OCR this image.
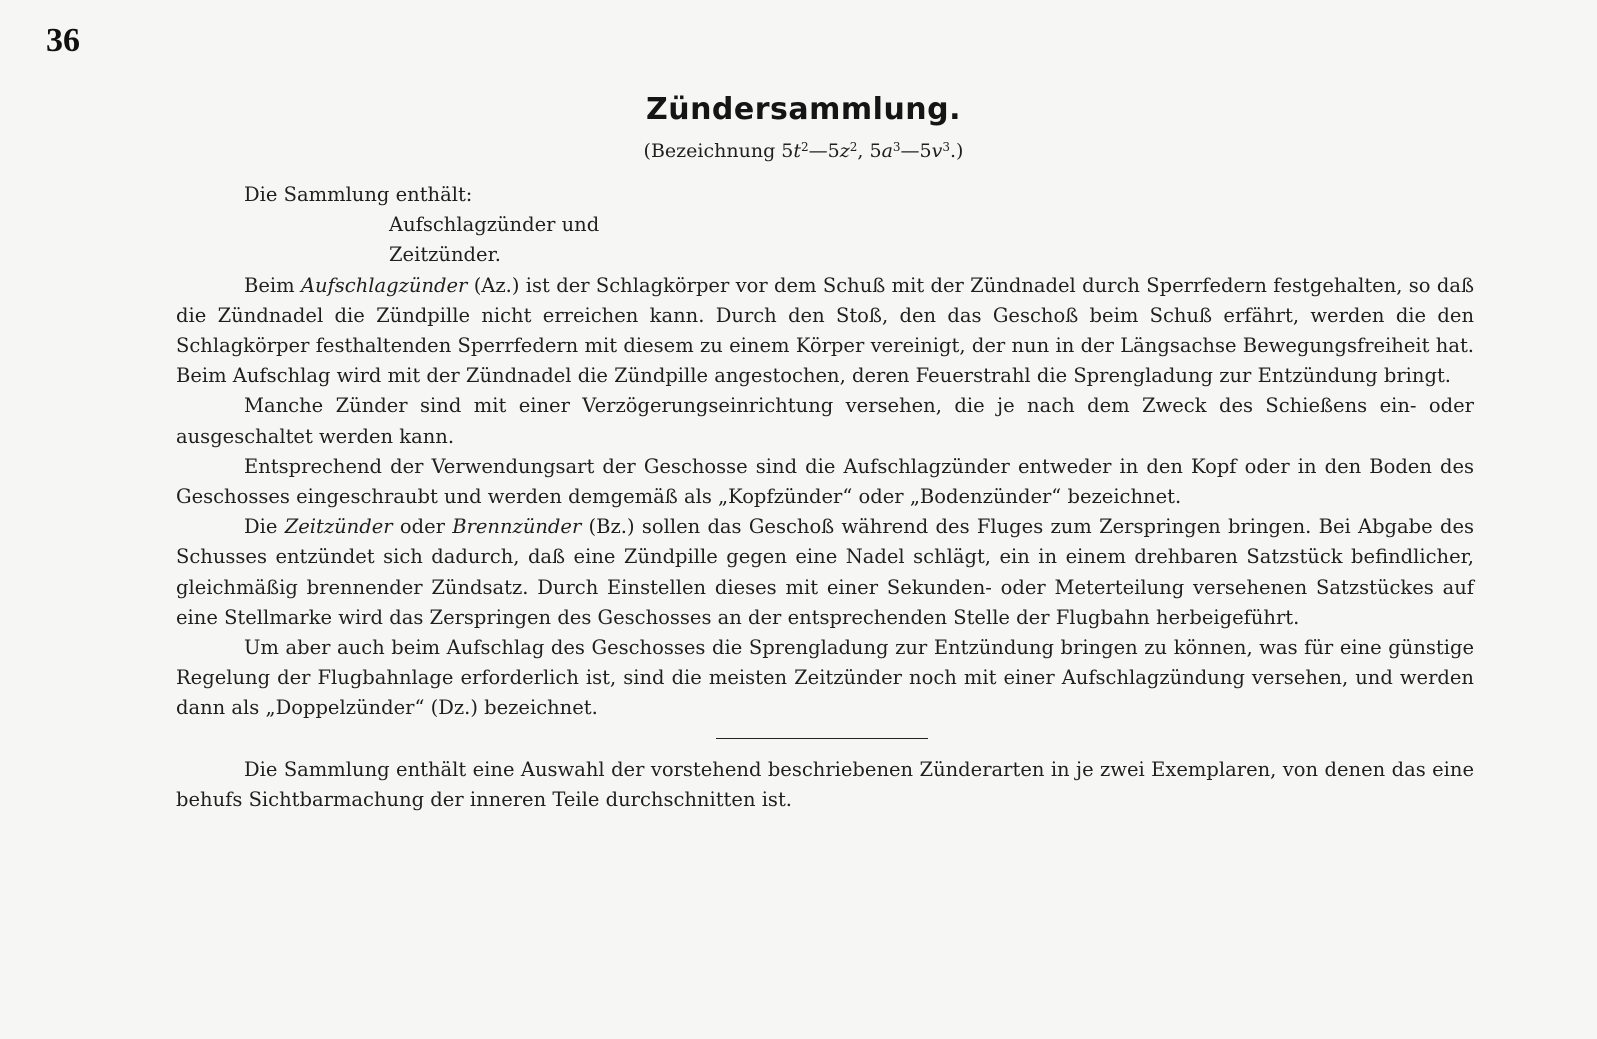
36
Zündersammlung.
(Bezeichnung $5t^2—5z^2$, $5a^3—5v^3$.)

Die Sammlung enthält:

Aufschlagzünder und

Zeitzünder.

Beim Aufschlagzünder (Az.) ist der Schlagkörper vor dem Schuß mit der Zündnadel durch Sperrfedern festgehalten, so daß die Zündnadel die Zündpille nicht erreichen kann. Durch den Stoß, den das Geschoß beim Schuß erfährt, werden die den Schlagkörper festhaltenden Sperrfedern mit diesem zu einem Körper vereinigt, der nun in der Längsachse Bewegungsfreiheit hat. Beim Aufschlag wird mit der Zündnadel die Zündpille angestochen, deren Feuerstrahl die Sprengladung zur Entzündung bringt.

Manche Zünder sind mit einer Verzögerungseinrichtung versehen, die je nach dem Zweck des Schießens ein- oder ausgeschaltet werden kann.

Entsprechend der Verwendungsart der Geschosse sind die Aufschlagzünder entweder in den Kopf oder in den Boden des Geschosses eingeschraubt und werden demgemäß als „Kopfzünder“ oder „Bodenzünder“ bezeichnet.

Die Zeitzünder oder Brennzünder (Bz.) sollen das Geschoß während des Fluges zum Zerspringen bringen. Bei Abgabe des Schusses entzündet sich dadurch, daß eine Zündpille gegen eine Nadel schlägt, ein in einem drehbaren Satzstück befindlicher, gleichmäßig brennender Zündsatz. Durch Einstellen dieses mit einer Sekunden- oder Meterteilung versehenen Satzstückes auf eine Stellmarke wird das Zerspringen des Geschosses an der entsprechenden Stelle der Flugbahn herbeigeführt.

Um aber auch beim Aufschlag des Geschosses die Sprengladung zur Entzündung bringen zu können, was für eine günstige Regelung der Flugbahnlage erforderlich ist, sind die meisten Zeitzünder noch mit einer Aufschlagzündung versehen, und werden dann als „Doppelzünder“ (Dz.) bezeichnet.

Die Sammlung enthält eine Auswahl der vorstehend beschriebenen Zünderarten in je zwei Exemplaren, von denen das eine behufs Sichtbarmachung der inneren Teile durchschnitten ist.
